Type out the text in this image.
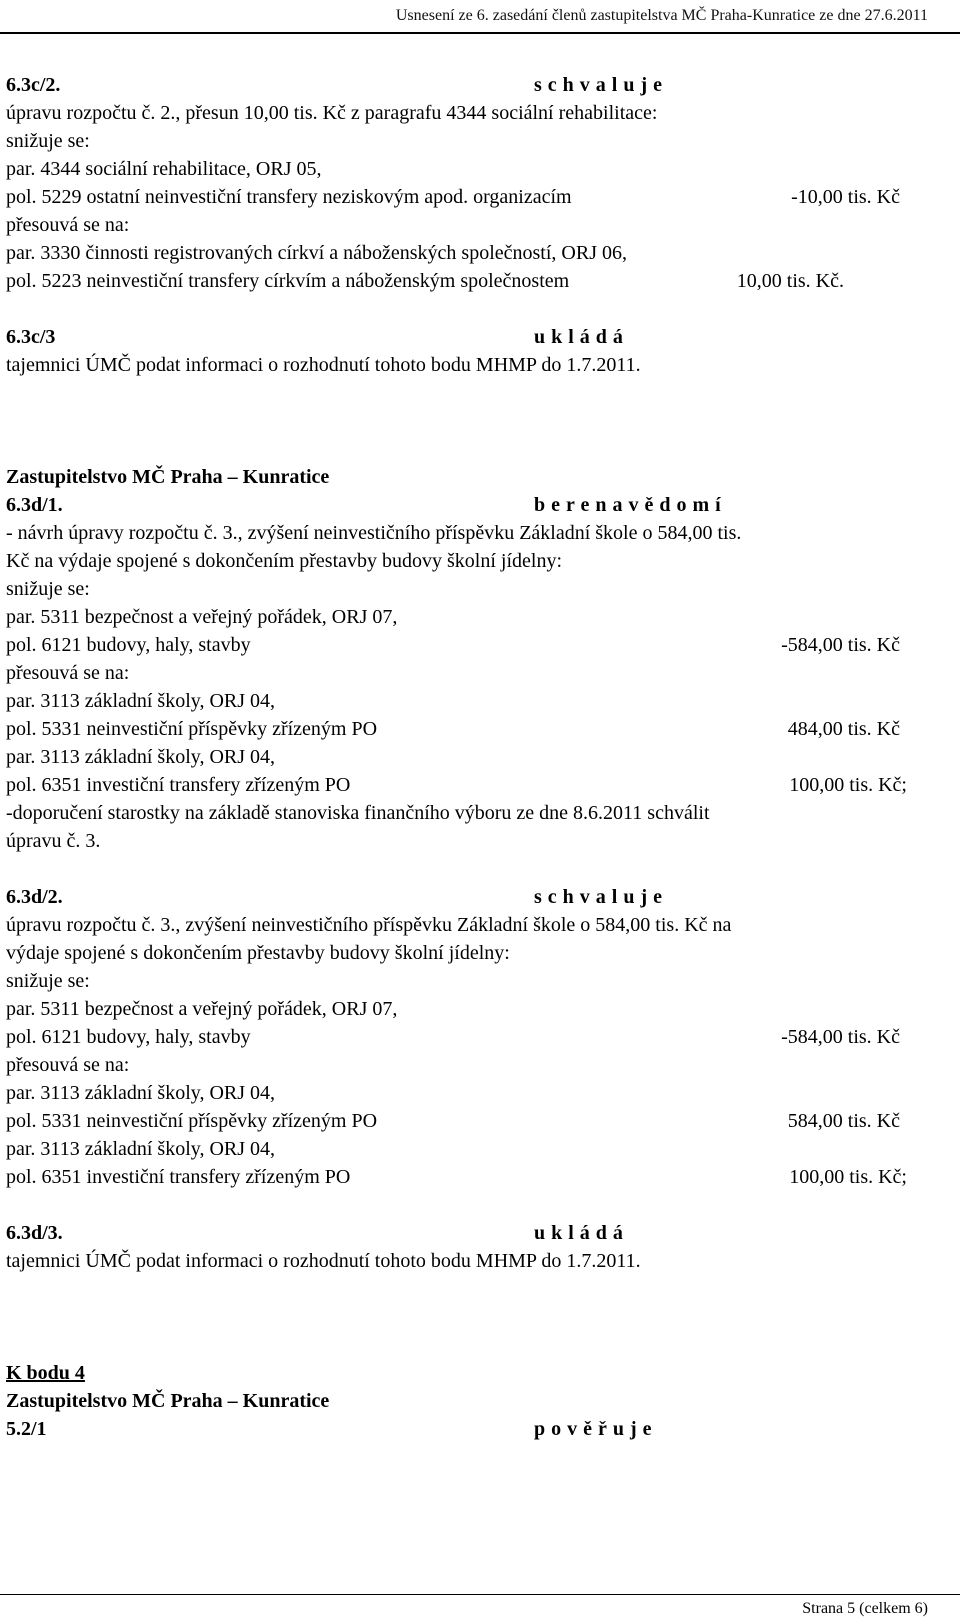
Usnesení ze 6. zasedání členů zastupitelstva MČ Praha-Kunratice ze dne 27.6.2011
6.3c/2.	s c h v a l u j e
úpravu rozpočtu č. 2., přesun 10,00 tis. Kč z paragrafu 4344 sociální rehabilitace:
snižuje se:
par. 4344 sociální rehabilitace, ORJ 05,
pol. 5229 ostatní neinvestiční transfery neziskovým apod. organizacím	-10,00 tis. Kč
přesouvá se na:
par. 3330 činnosti registrovaných církví a náboženských společností, ORJ 06,
pol. 5223 neinvestiční transfery církvím a náboženským společnostem	10,00 tis. Kč.
6.3c/3	u k l á d á
tajemnici ÚMČ podat informaci o rozhodnutí tohoto bodu MHMP do 1.7.2011.
Zastupitelstvo MČ Praha – Kunratice
6.3d/1.	b e r e n a v ě d o m í
- návrh úpravy rozpočtu č. 3., zvýšení neinvestičního příspěvku Základní škole o 584,00 tis.
Kč na výdaje spojené s dokončením přestavby budovy školní jídelny:
snižuje se:
par. 5311 bezpečnost a veřejný pořádek, ORJ 07,
pol. 6121 budovy, haly, stavby	-584,00 tis. Kč
přesouvá se na:
par. 3113 základní školy, ORJ 04,
pol. 5331 neinvestiční příspěvky zřízeným PO	484,00 tis. Kč
par. 3113 základní školy, ORJ 04,
pol. 6351 investiční transfery zřízeným PO	100,00 tis. Kč;
-doporučení starostky na základě stanoviska finančního výboru ze dne 8.6.2011 schválit
úpravu č. 3.
6.3d/2.	s c h v a l u j e
úpravu rozpočtu č. 3., zvýšení neinvestičního příspěvku Základní škole o 584,00 tis. Kč na
výdaje spojené s dokončením přestavby budovy školní jídelny:
snižuje se:
par. 5311 bezpečnost a veřejný pořádek, ORJ 07,
pol. 6121 budovy, haly, stavby	-584,00 tis. Kč
přesouvá se na:
par. 3113 základní školy, ORJ 04,
pol. 5331 neinvestiční příspěvky zřízeným PO	584,00 tis. Kč
par. 3113 základní školy, ORJ 04,
pol. 6351 investiční transfery zřízeným PO	100,00 tis. Kč;
6.3d/3.	u k l á d á
tajemnici ÚMČ podat informaci o rozhodnutí tohoto bodu MHMP do 1.7.2011.
K bodu 4
Zastupitelstvo MČ Praha – Kunratice
5.2/1	p o v ě ř u j e
Strana 5 (celkem 6)
